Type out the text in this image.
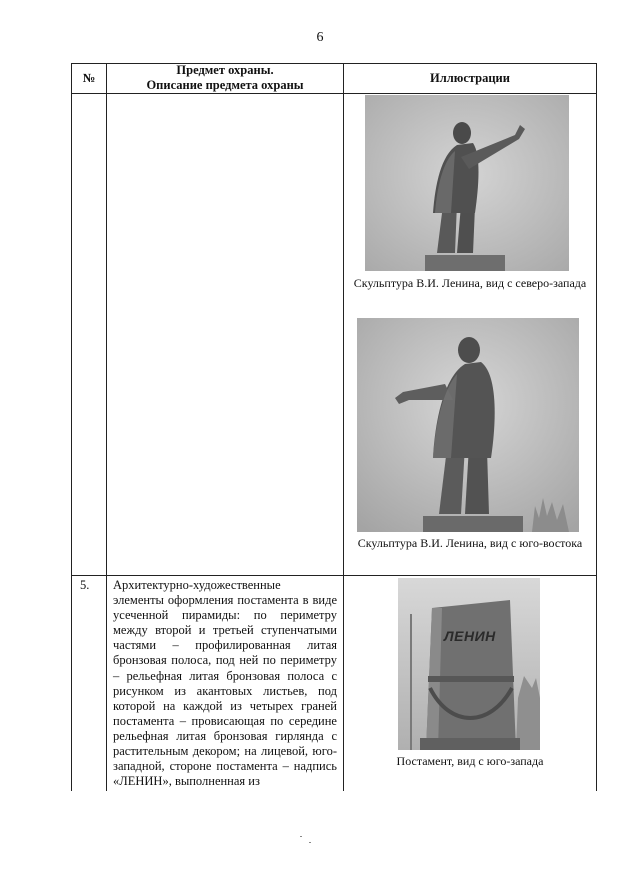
6
№
Предмет охраны.
Описание предмета охраны	Иллюстрации
Скульптура В.И. Ленина, вид с северо-запада
Скульптура В.И. Ленина, вид с юго-востока
5. Архитектурно-художественные
элементы оформления постамента в виде усеченной пирамиды: по периметру между второй и третьей ступенчатыми частями – профилированная литая бронзовая полоса, под ней по периметру – рельефная литая бронзовая полоса с рисунком из акантовых листьев, под которой на каждой из четырех граней постамента – провисающая по середине рельефная литая бронзовая гирлянда с растительным декором; на лицевой, юго-западной, стороне постамента – надпись «ЛЕНИН», выполненная из
ЛЕНИН
Постамент, вид с юго-запада
